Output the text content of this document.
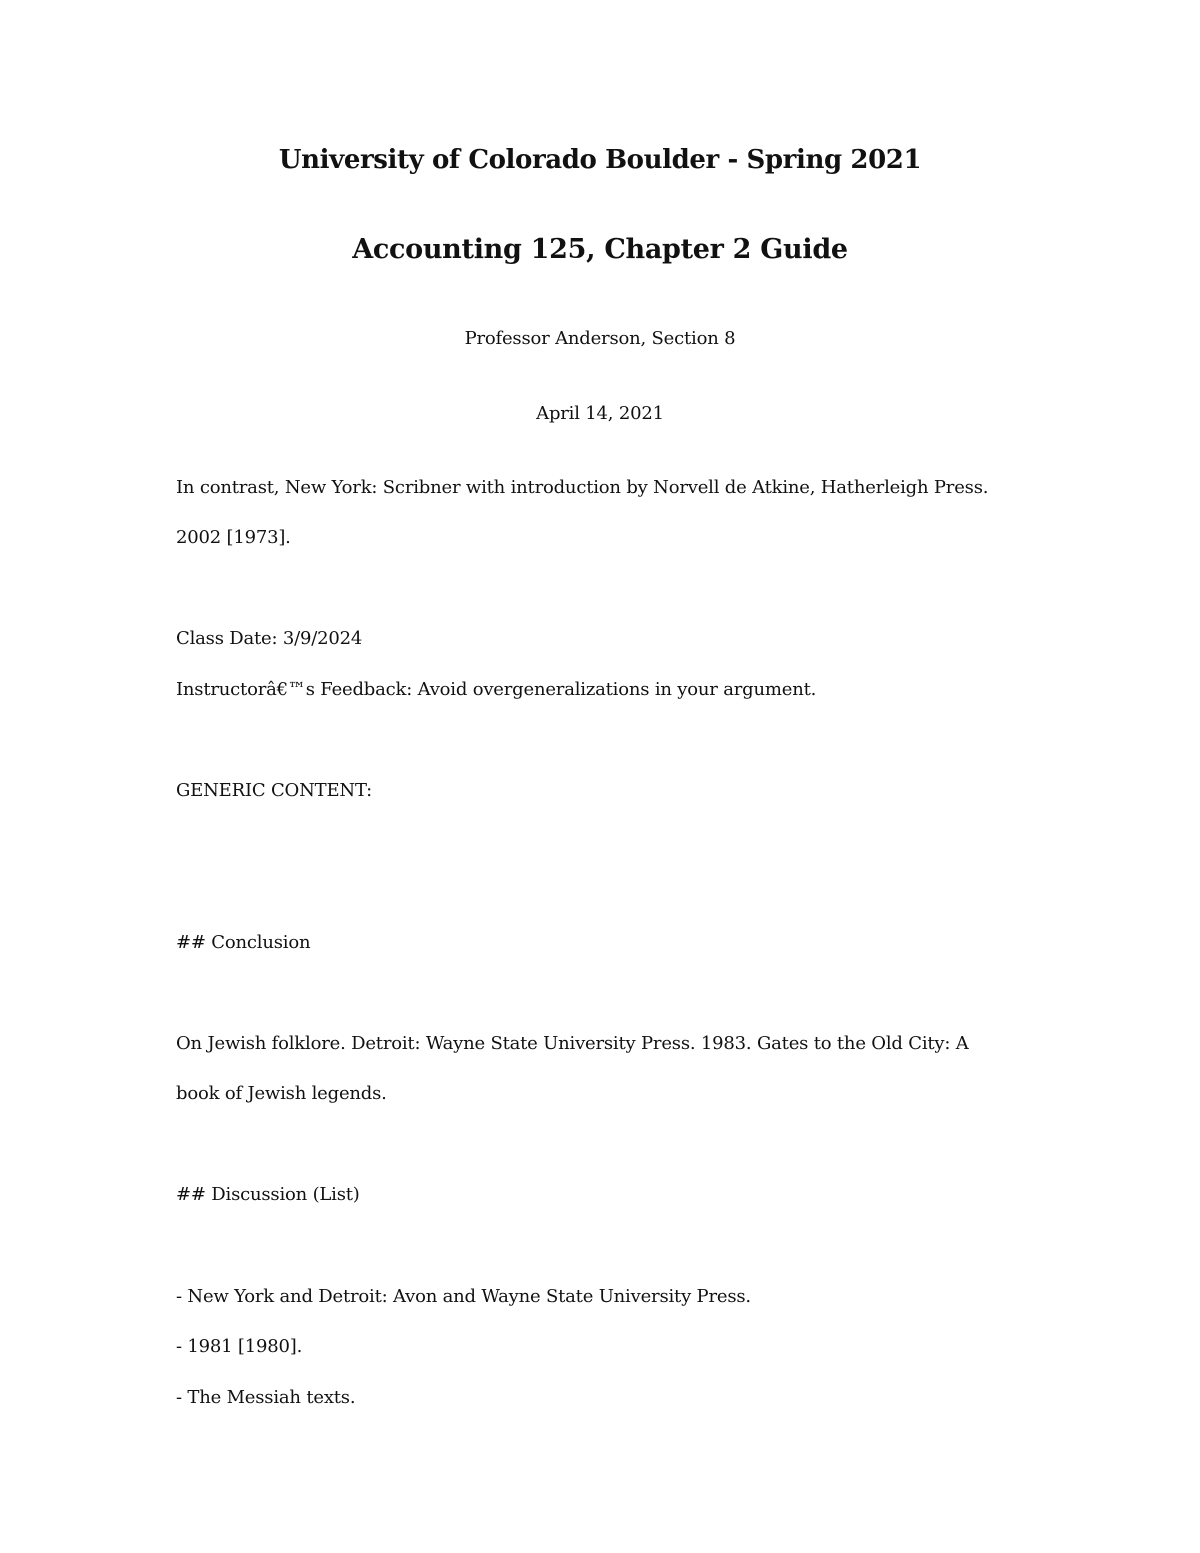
University of Colorado Boulder - Spring 2021
Accounting 125, Chapter 2 Guide
Professor Anderson, Section 8
April 14, 2021
In contrast, New York: Scribner with introduction by Norvell de Atkine, Hatherleigh Press.
2002 [1973].
Class Date: 3/9/2024
Instructorâ€™s Feedback: Avoid overgeneralizations in your argument.
GENERIC CONTENT:
## Conclusion
On Jewish folklore. Detroit: Wayne State University Press. 1983. Gates to the Old City: A
book of Jewish legends.
## Discussion (List)
- New York and Detroit: Avon and Wayne State University Press.
- 1981 [1980].
- The Messiah texts.
